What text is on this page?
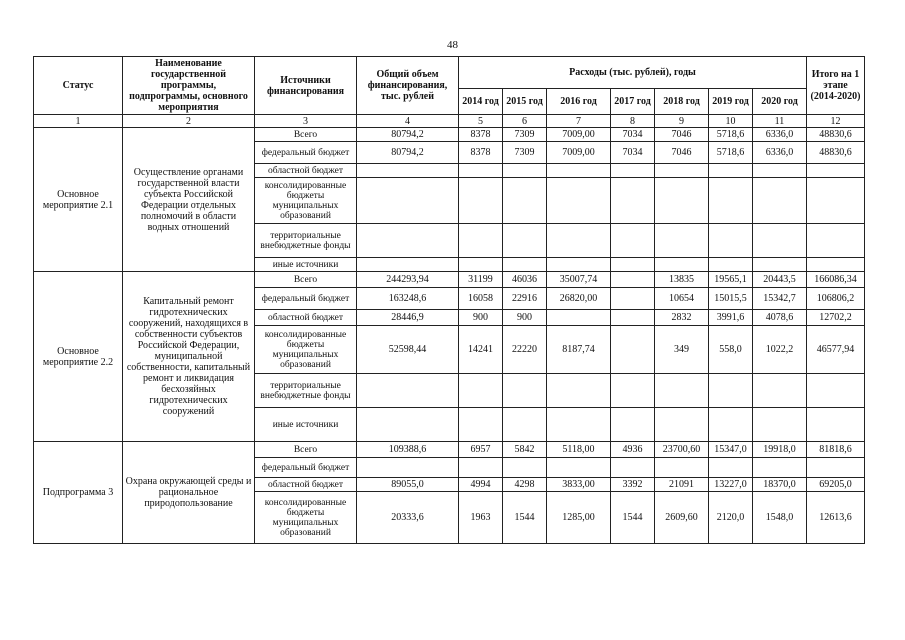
48
Статус	Наименование государственной программы, подпрограммы, основного мероприятия	Источники финансирования	Общий объем финансирования, тыс. рублей	Расходы (тыс. рублей), годы							Итого на 1 этапе (2014-2020)
				2014 год	2015 год	2016 год	2017 год	2018 год	2019 год	2020 год	
1	2	3	4	5	6	7	8	9	10	11	12
Основное мероприятие 2.1	Осуществление органами государственной власти субъекта Российской Федерации отдельных полномочий в области водных отношений	Всего	80794,2	8378	7309	7009,00	7034	7046	5718,6	6336,0	48830,6
		федеральный бюджет	80794,2	8378	7309	7009,00	7034	7046	5718,6	6336,0	48830,6
		областной бюджет									
		консолидированные бюджеты муниципальных образований									
		территориальные внебюджетные фонды									
		иные источники									
Основное мероприятие 2.2	Капитальный ремонт гидротехнических сооружений, находящихся в собственности субъектов Российской Федерации, муниципальной собственности, капитальный ремонт и ликвидация бесхозяйных гидротехнических сооружений	Всего	244293,94	31199	46036	35007,74		13835	19565,1	20443,5	166086,34
		федеральный бюджет	163248,6	16058	22916	26820,00		10654	15015,5	15342,7	106806,2
		областной бюджет	28446,9	900	900			2832	3991,6	4078,6	12702,2
		консолидированные бюджеты муниципальных образований	52598,44	14241	22220	8187,74		349	558,0	1022,2	46577,94
		территориальные внебюджетные фонды									
		иные источники									
Подпрограмма 3	Охрана окружающей среды и рациональное природопользование	Всего	109388,6	6957	5842	5118,00	4936	23700,60	15347,0	19918,0	81818,6
		федеральный бюджет									
		областной бюджет	89055,0	4994	4298	3833,00	3392	21091	13227,0	18370,0	69205,0
		консолидированные бюджеты муниципальных образований	20333,6	1963	1544	1285,00	1544	2609,60	2120,0	1548,0	12613,6
